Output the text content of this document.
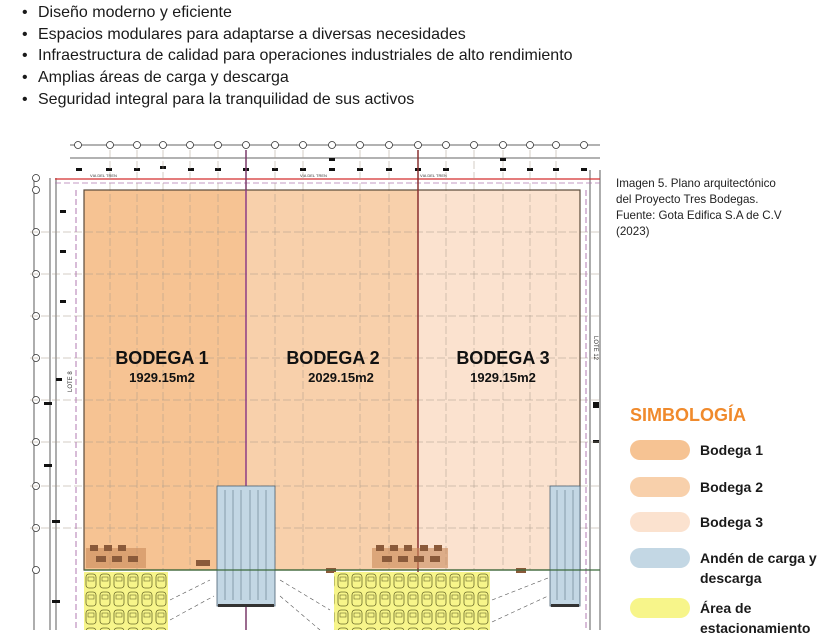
• Diseño moderno y eficiente
• Espacios modulares para adaptarse a diversas necesidades
• Infraestructura de calidad para operaciones industriales de alto rendimiento
• Amplias áreas de carga y descarga
• Seguridad integral para la tranquilidad de sus activos
VIA DEL TREN	VIA DEL TREN	VIA DEL TREN
LOTE 8
LOTE 12
BODEGA 1
1929.15m2
BODEGA 2
2029.15m2
BODEGA 3
1929.15m2
Imagen 5. Plano arquitectónico
del Proyecto Tres Bodegas.
Fuente: Gota Edifica S.A de C.V
(2023)
SIMBOLOGÍA
Bodega 1
Bodega 2
Bodega 3
Andén de carga y descarga
Área de estacionamiento
